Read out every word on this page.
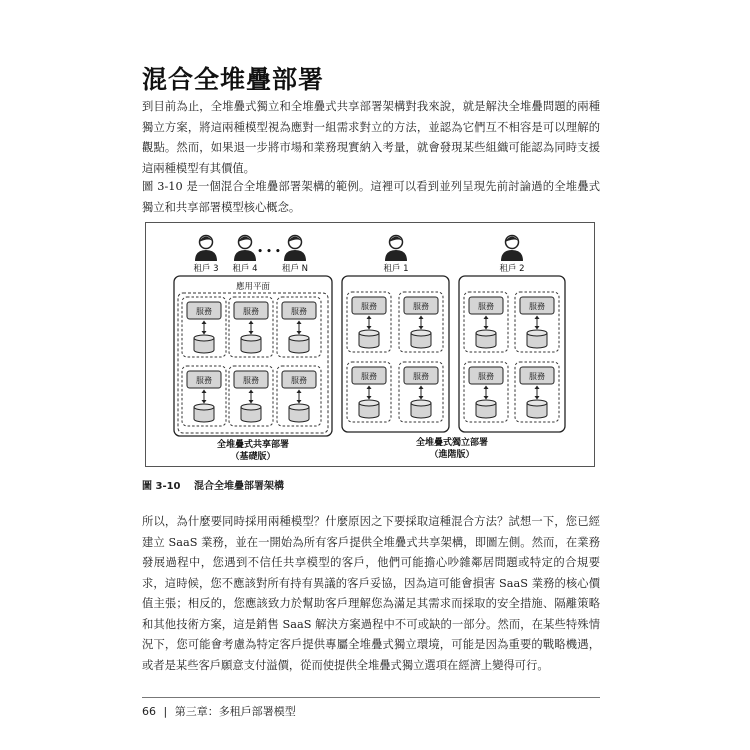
混合全堆疊部署

到目前為止，全堆疊式獨立和全堆疊式共享部署架構對我來說，就是解決全堆疊問題的兩種獨立方案，將這兩種模型視為應對一組需求對立的方法，並認為它們互不相容是可以理解的觀點。然而，如果退一步將市場和業務現實納入考量，就會發現某些組織可能認為同時支援這兩種模型有其價值。

圖 3-10 是一個混合全堆疊部署架構的範例。這裡可以看到並列呈現先前討論過的全堆疊式獨立和共享部署模型核心概念。

• • •
租戶 3 租戶 4	租戶 N	租戶 1	租戶 2
應用平面
服務	服務	服務
服務	服務	服務
服務	服務
服務	服務
服務
服務
服務
服務
全堆疊式共享部署
（基礎版）
全堆疊式獨立部署
（進階版）
圖 3-10 混合全堆疊部署架構

所以，為什麼要同時採用兩種模型？什麼原因之下要採取這種混合方法？試想一下，您已經建立 SaaS 業務，並在一開始為所有客戶提供全堆疊式共享架構，即圖左側。然而，在業務發展過程中，您遇到不信任共享模型的客戶，他們可能擔心吵雜鄰居問題或特定的合規要求，這時候，您不應該對所有持有異議的客戶妥協，因為這可能會損害 SaaS 業務的核心價值主張；相反的，您應該致力於幫助客戶理解您為滿足其需求而採取的安全措施、隔離策略和其他技術方案，這是銷售 SaaS 解決方案過程中不可或缺的一部分。然而，在某些特殊情況下，您可能會考慮為特定客戶提供專屬全堆疊式獨立環境，可能是因為重要的戰略機遇，或者是某些客戶願意支付溢價，從而使提供全堆疊式獨立選項在經濟上變得可行。

66 | 第三章：多租戶部署模型
